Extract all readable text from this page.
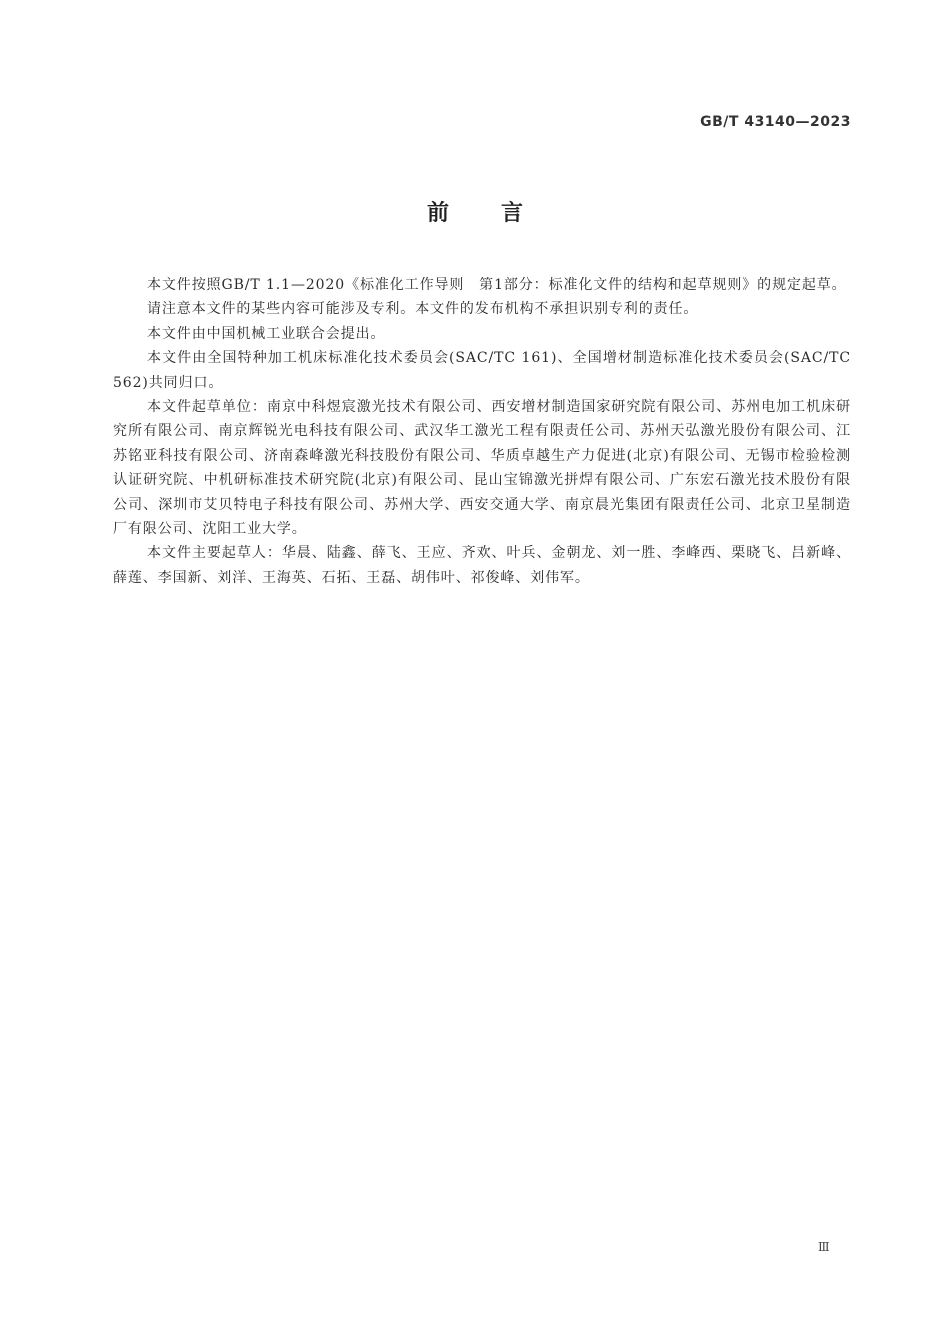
GB/T 43140—2023
前言

本文件按照GB/T 1.1—2020《标准化工作导则　第1部分：标准化文件的结构和起草规则》的规定起草。

请注意本文件的某些内容可能涉及专利。本文件的发布机构不承担识别专利的责任。

本文件由中国机械工业联合会提出。

本文件由全国特种加工机床标准化技术委员会(SAC/TC 161)、全国增材制造标准化技术委员会(SAC/TC 562)共同归口。

本文件起草单位：南京中科煜宸激光技术有限公司、西安增材制造国家研究院有限公司、苏州电加工机床研究所有限公司、南京辉锐光电科技有限公司、武汉华工激光工程有限责任公司、苏州天弘激光股份有限公司、江苏铭亚科技有限公司、济南森峰激光科技股份有限公司、华质卓越生产力促进(北京)有限公司、无锡市检验检测认证研究院、中机研标准技术研究院(北京)有限公司、昆山宝锦激光拼焊有限公司、广东宏石激光技术股份有限公司、深圳市艾贝特电子科技有限公司、苏州大学、西安交通大学、南京晨光集团有限责任公司、北京卫星制造厂有限公司、沈阳工业大学。

本文件主要起草人：华晨、陆鑫、薛飞、王应、齐欢、叶兵、金朝龙、刘一胜、李峰西、栗晓飞、吕新峰、薛莲、李国新、刘洋、王海英、石拓、王磊、胡伟叶、祁俊峰、刘伟军。

Ⅲ
